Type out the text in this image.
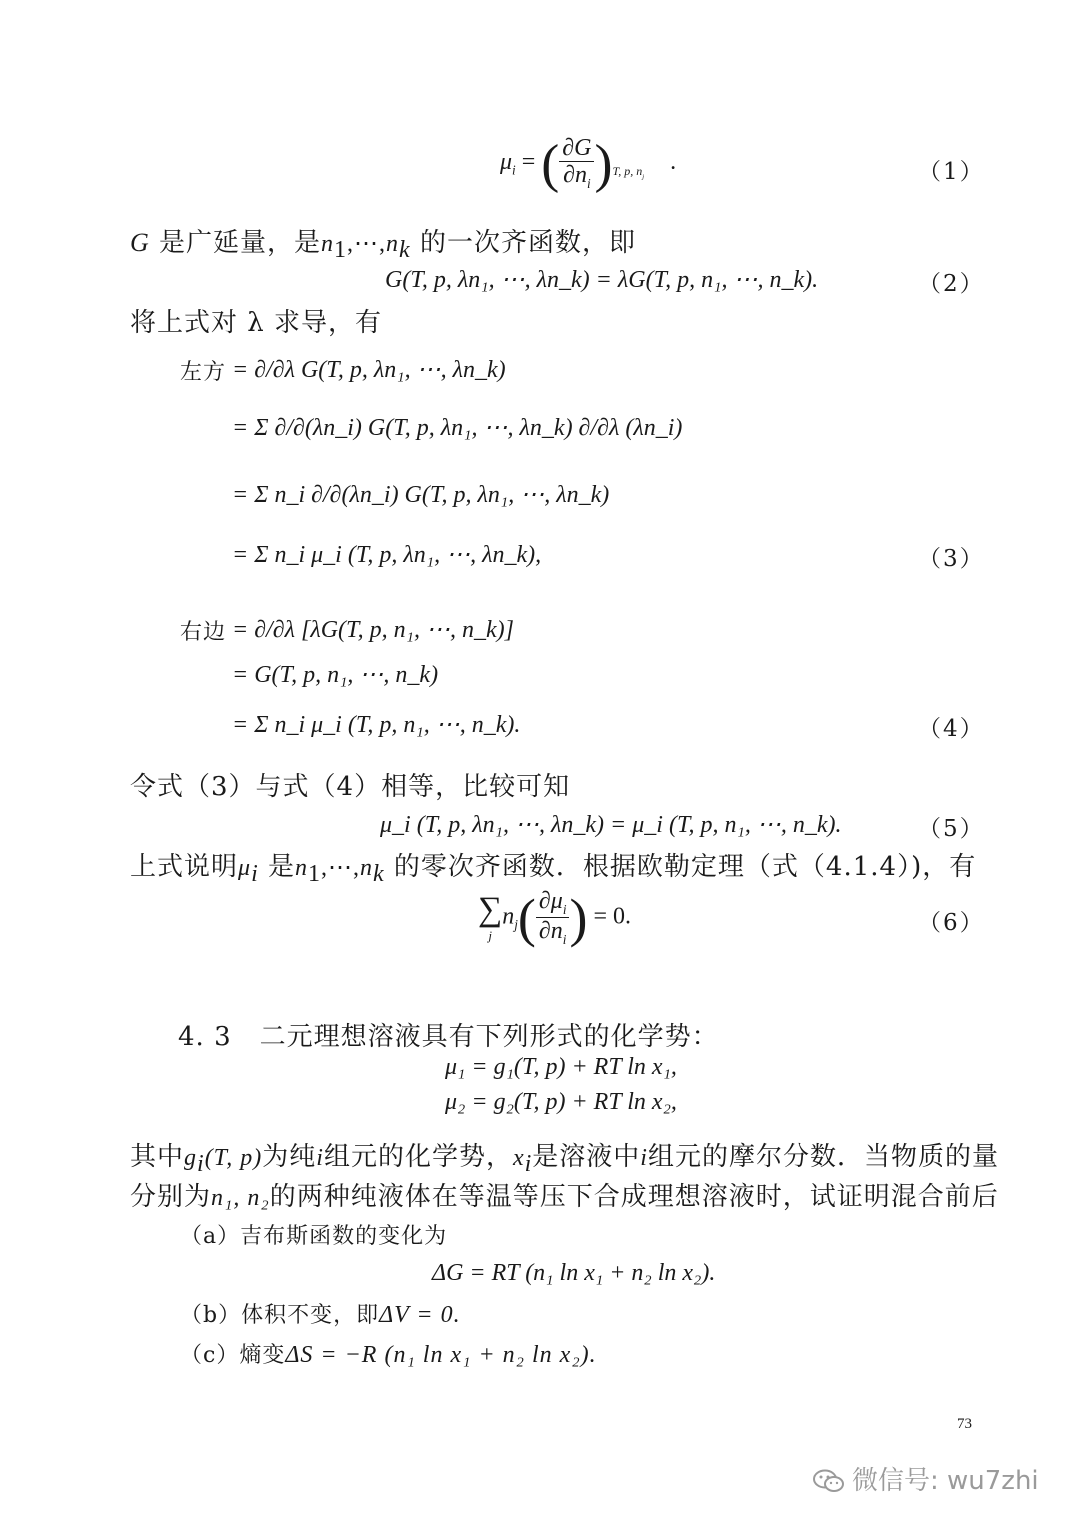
$\mu_i$ = ( $\frac{\partial G}{\partial n_i} )_{T, p, n_j}$ .	（1）
G 是广延量，是$n_1,\cdots,n_k$ 的一次齐函数，即
G(T, p, λn₁, ⋯, λn_k) = λG(T, p, n₁, ⋯, n_k).	（2）
将上式对 λ 求导，有
左方 = ∂/∂λ G(T, p, λn₁, ⋯, λn_k)
= Σ ∂/∂(λn_i) G(T, p, λn₁, ⋯, λn_k) ∂/∂λ (λn_i)
= Σ n_i ∂/∂(λn_i) G(T, p, λn₁, ⋯, λn_k)
= Σ n_i μ_i (T, p, λn₁, ⋯, λn_k),	（3）
右边 = ∂/∂λ [λG(T, p, n₁, ⋯, n_k)]
= G(T, p, n₁, ⋯, n_k)
= Σ n_i μ_i (T, p, n₁, ⋯, n_k).	（4）
令式（3）与式（4）相等，比较可知
μ_i (T, p, λn₁, ⋯, λn_k) = μ_i (T, p, n₁, ⋯, n_k).	（5）
上式说明$\mu_i$ 是$n_1,\cdots,n_k$ 的零次齐函数．根据欧勒定理（式（4.1.4）)，有
∑
j
$n_j( \frac{\partial\mu_i}{\partial n_i}$ ) = 0.	（6）
4. 3 二元理想溶液具有下列形式的化学势：
μ₁ = g₁(T, p) + RT ln x₁,
μ₂ = g₂(T, p) + RT ln x₂,
其中$g_i(T$, p)为纯i组元的化学势，$x_i$是溶液中i组元的摩尔分数．当物质的量
分别为n₁, n₂的两种纯液体在等温等压下合成理想溶液时，试证明混合前后
（a）吉布斯函数的变化为
ΔG = RT (n₁ ln x₁ + n₂ ln x₂).
（b）体积不变，即ΔV = 0.
（c）熵变ΔS = −R (n₁ ln x₁ + n₂ ln x₂).
73
微信号: wu7zhi
